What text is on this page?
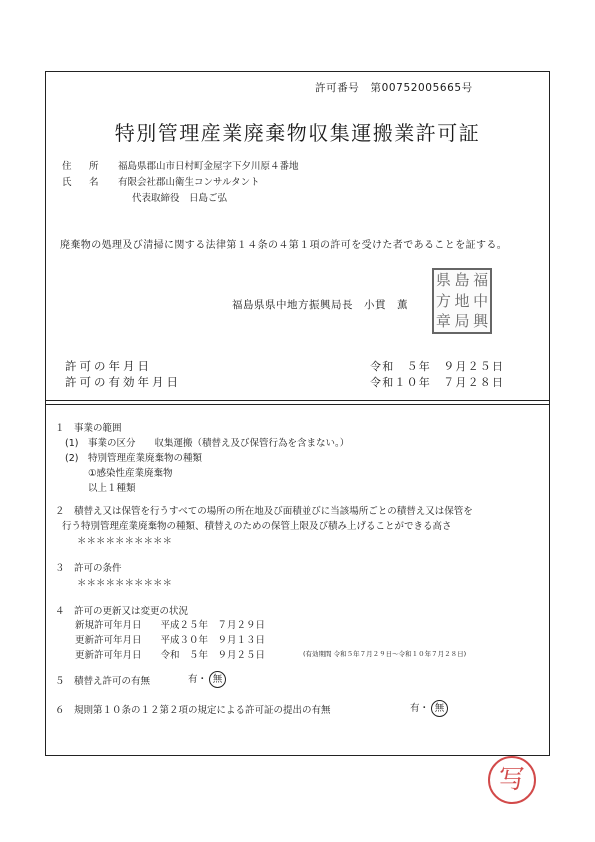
許可番号　第00752005665号
特別管理産業廃棄物収集運搬業許可証
住　所 福島県郡山市日村町金屋字下夕川原４番地
氏　名 有限会社郡山衛生コンサルタント
代表取締役　日島ご弘
廃棄物の処理及び清掃に関する法律第１４条の４第１項の許可を受けた者であることを証する。
福島県県中地方振興局長　小貫　薫
県 島 福
方 地 中
章 局 興
許可の年月日	令和　５年　９月２５日
許可の有効年月日	令和１０年　７月２８日
１　事業の範囲
(1)　事業の区分　　収集運搬（積替え及び保管行為を含まない。）
(2)　特別管理産業廃棄物の種類
①感染性産業廃棄物
以上１種類
２　積替え又は保管を行うすべての場所の所在地及び面積並びに当該場所ごとの積替え又は保管を
行う特別管理産業廃棄物の種類、積替えのための保管上限及び積み上げることができる高さ
＊＊＊＊＊＊＊＊＊＊
３　許可の条件
＊＊＊＊＊＊＊＊＊＊
４　許可の更新又は変更の状況
新規許可年月日　　平成２５年　７月２９日
更新許可年月日　　平成３０年　９月１３日
更新許可年月日　　令和　５年　９月２５日	(有効期間 令和５年７月２９日～令和１０年７月２８日)
５　積替え許可の有無	有・ 無
６　規則第１０条の１２第２項の規定による許可証の提出の有無	有・ 無
写
